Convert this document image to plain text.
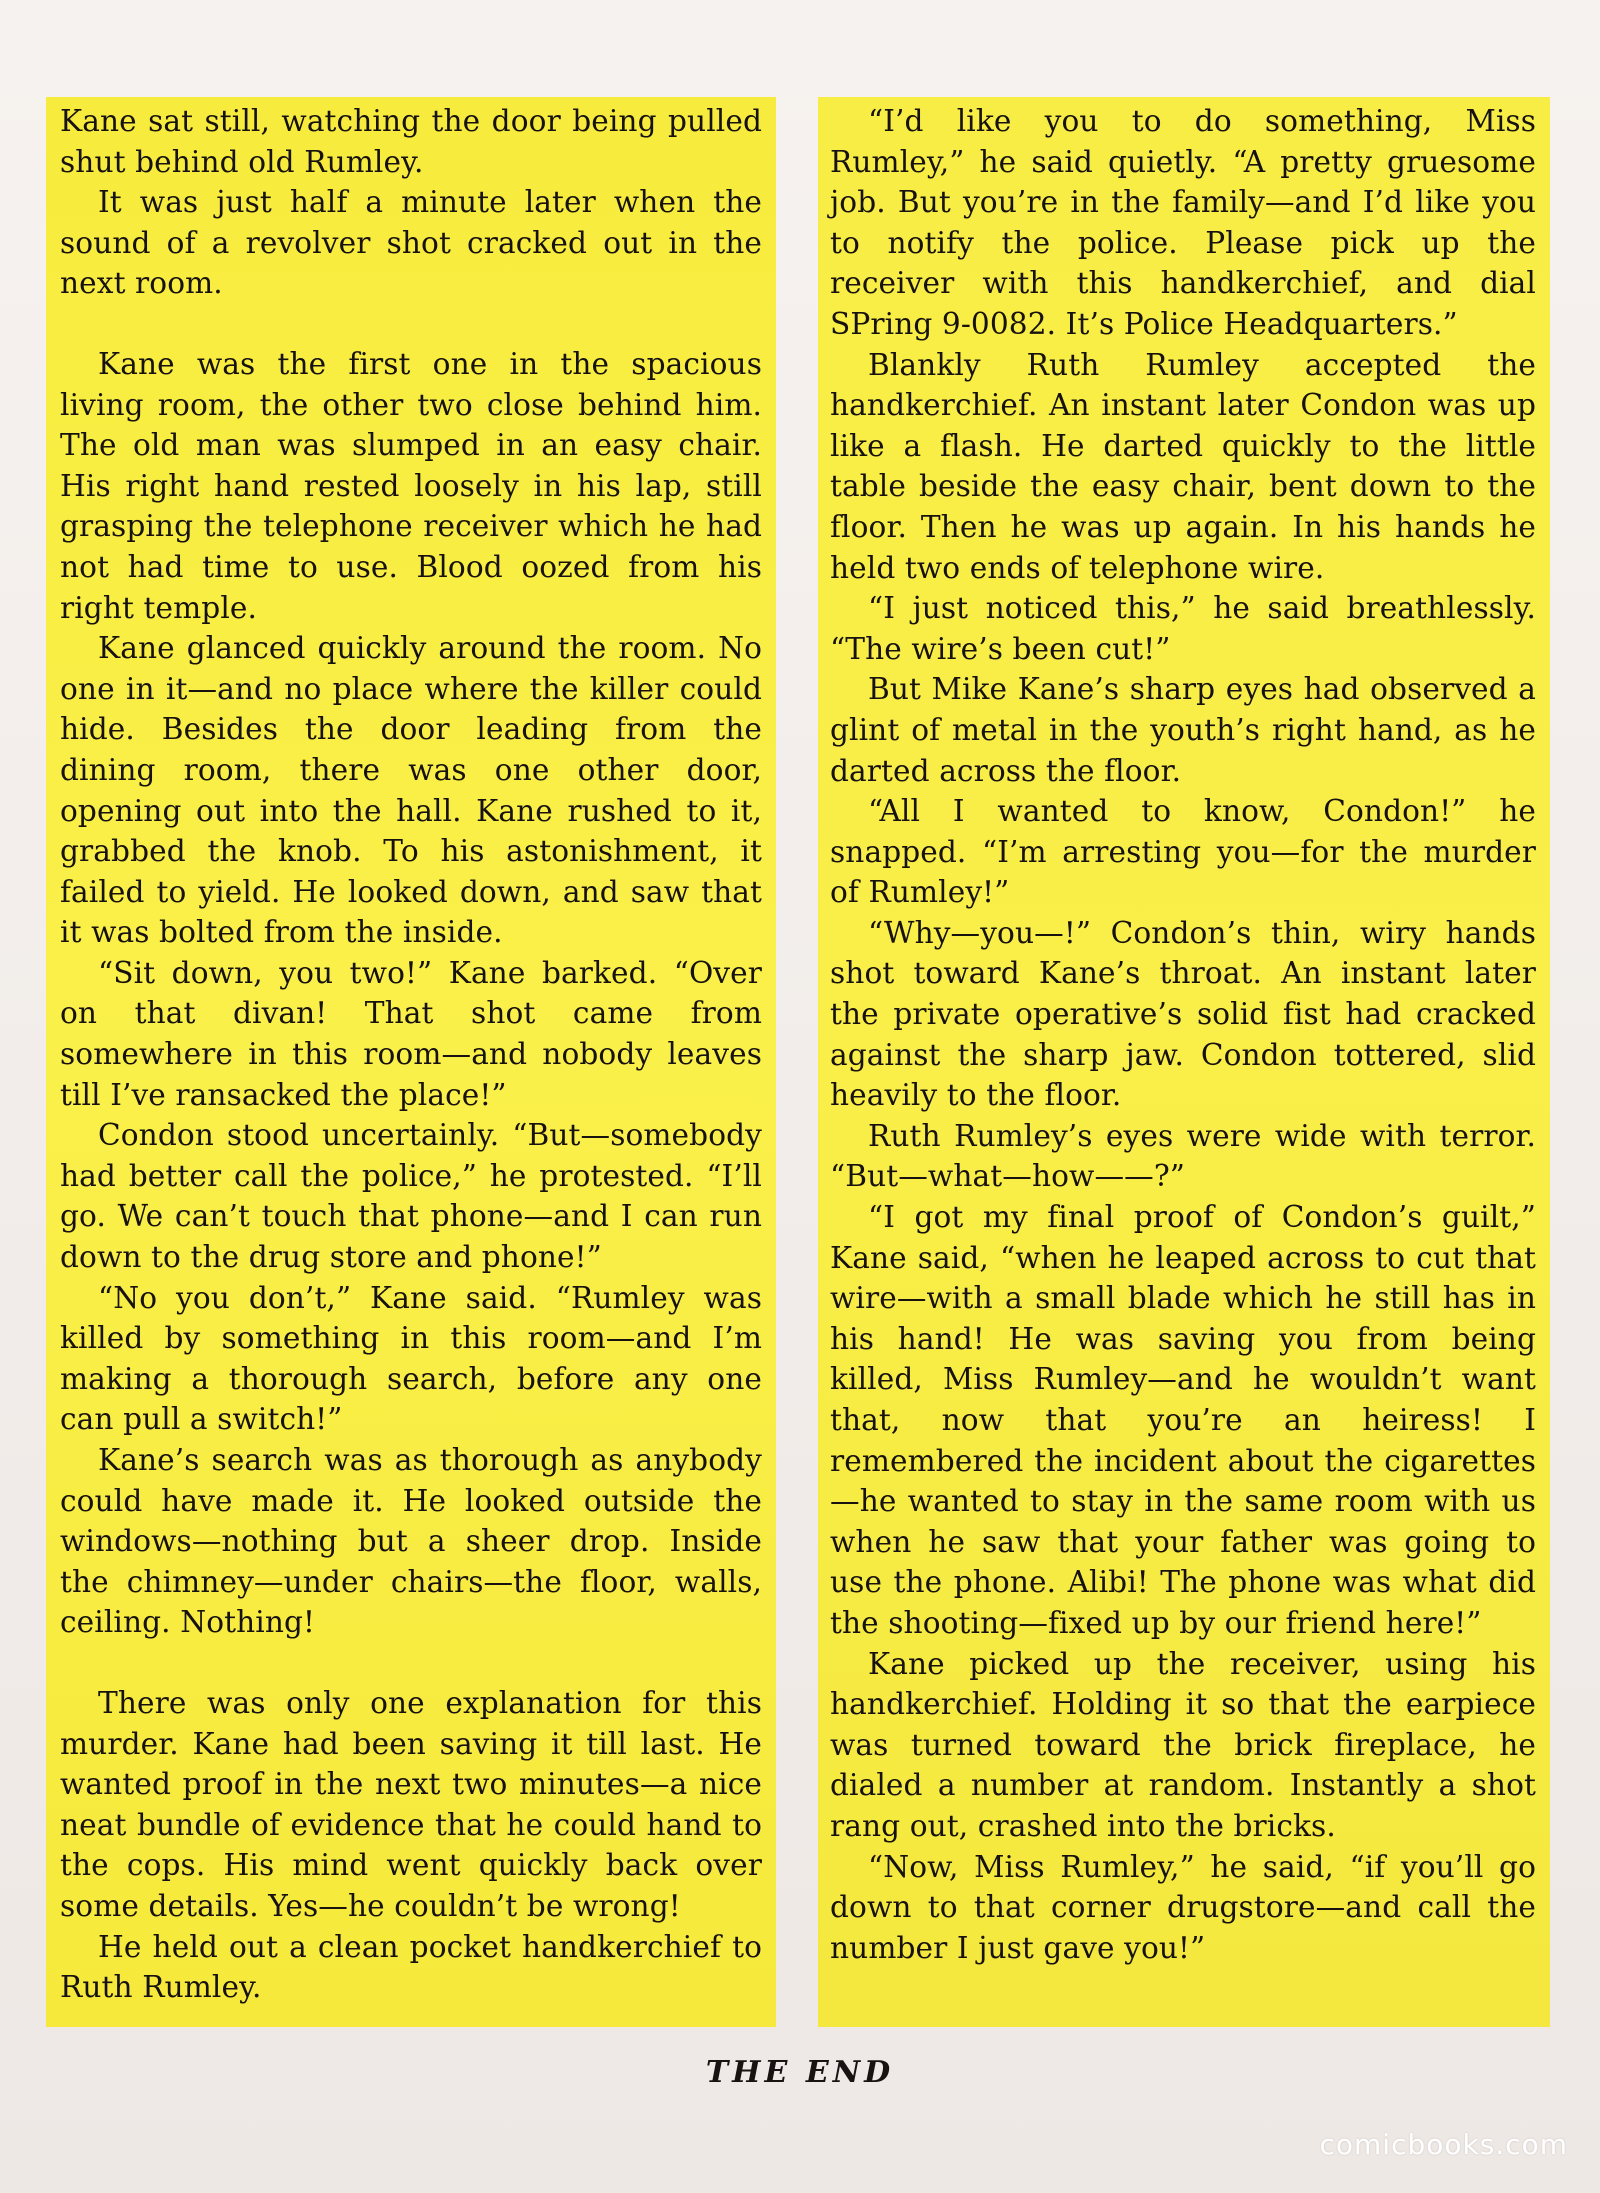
Kane sat still, watching the door being pulled shut behind old Rumley.

It was just half a minute later when the sound of a revolver shot cracked out in the next room.

Kane was the first one in the spacious living room, the other two close behind him. The old man was slumped in an easy chair. His right hand rested loosely in his lap, still grasping the telephone receiver which he had not had time to use. Blood oozed from his right temple.

Kane glanced quickly around the room. No one in it—and no place where the killer could hide. Besides the door leading from the dining room, there was one other door, opening out into the hall. Kane rushed to it, grabbed the knob. To his astonishment, it failed to yield. He looked down, and saw that it was bolted from the inside.

“Sit down, you two!” Kane barked. “Over on that divan! That shot came from somewhere in this room—and nobody leaves till I’ve ransacked the place!”

Condon stood uncertainly. “But—somebody had better call the police,” he protested. “I’ll go. We can’t touch that phone—and I can run down to the drug store and phone!”

“No you don’t,” Kane said. “Rumley was killed by something in this room—and I’m making a thorough search, before any one can pull a switch!”

Kane’s search was as thorough as anybody could have made it. He looked outside the windows—nothing but a sheer drop. Inside the chimney—under chairs—the floor, walls, ceiling. Nothing!

There was only one explanation for this murder. Kane had been saving it till last. He wanted proof in the next two minutes—a nice neat bundle of evidence that he could hand to the cops. His mind went quickly back over some details. Yes—he couldn’t be wrong!

He held out a clean pocket handkerchief to Ruth Rumley.

“I’d like you to do something, Miss Rumley,” he said quietly. “A pretty gruesome job. But you’re in the family—and I’d like you to notify the police. Please pick up the receiver with this handkerchief, and dial SPring 9-0082. It’s Police Headquarters.”

Blankly Ruth Rumley accepted the handkerchief. An instant later Condon was up like a flash. He darted quickly to the little table beside the easy chair, bent down to the floor. Then he was up again. In his hands he held two ends of telephone wire.

“I just noticed this,” he said breathlessly. “The wire’s been cut!”

But Mike Kane’s sharp eyes had observed a glint of metal in the youth’s right hand, as he darted across the floor.

“All I wanted to know, Condon!” he snapped. “I’m arresting you—for the murder of Rumley!”

“Why—you—!” Condon’s thin, wiry hands shot toward Kane’s throat. An instant later the private operative’s solid fist had cracked against the sharp jaw. Condon tottered, slid heavily to the floor.

Ruth Rumley’s eyes were wide with terror. “But—what—how——?”

“I got my final proof of Condon’s guilt,” Kane said, “when he leaped across to cut that wire—with a small blade which he still has in his hand! He was saving you from being killed, Miss Rumley—and he wouldn’t want that, now that you’re an heiress! I remembered the incident about the cigarettes—he wanted to stay in the same room with us when he saw that your father was going to use the phone. Alibi! The phone was what did the shooting—fixed up by our friend here!”

Kane picked up the receiver, using his handkerchief. Holding it so that the earpiece was turned toward the brick fireplace, he dialed a number at random. Instantly a shot rang out, crashed into the bricks.

“Now, Miss Rumley,” he said, “if you’ll go down to that corner drugstore—and call the number I just gave you!”

THE END
comicbooks.com
